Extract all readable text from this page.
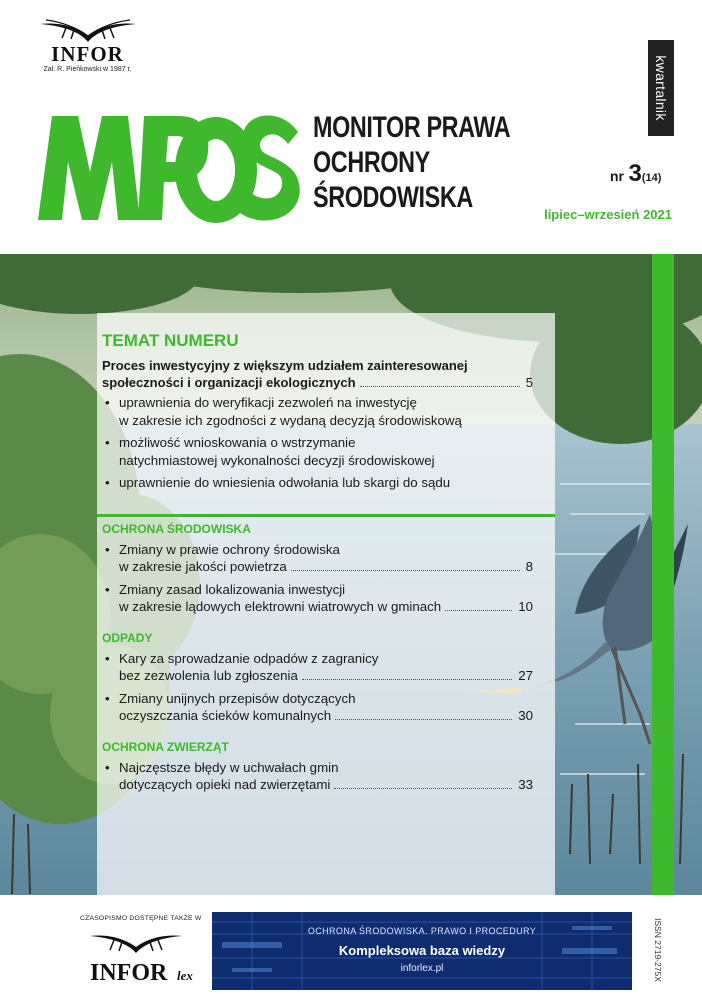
INFOR
Zał. R. Pieńkowski w 1987 r.	kwartalnik
MONITOR PRAWA
OCHRONY
ŚRODOWISKA
nr 3(14)
lipiec–wrzesień 2021
TEMAT NUMERU
Proces inwestycyjny z większym udziałem zainteresowanej
społeczności i organizacji ekologicznych	5
• uprawnienia do weryfikacji zezwoleń na inwestycję
w zakresie ich zgodności z wydaną decyzją środowiskową
• możliwość wnioskowania o wstrzymanie
natychmiastowej wykonalności decyzji środowiskowej
• uprawnienie do wniesienia odwołania lub skargi do sądu
OCHRONA ŚRODOWISKA
• Zmiany w prawie ochrony środowiska
w zakresie jakości powietrza	8
• Zmiany zasad lokalizowania inwestycji
w zakresie lądowych elektrowni wiatrowych w gminach	10
ODPADY
• Kary za sprowadzanie odpadów z zagranicy
bez zezwolenia lub zgłoszenia	27
• Zmiany unijnych przepisów dotyczących
oczyszczania ścieków komunalnych	30
OCHRONA ZWIERZĄT
• Najczęstsze błędy w uchwałach gmin
dotyczących opieki nad zwierzętami	33
CZASOPISMO DOSTĘPNE TAKŻE W
INFOR lex
OCHRONA ŚRODOWISKA. PRAWO I PROCEDURY
Kompleksowa baza wiedzy
inforlex.pl	ISSN 2719-275X
